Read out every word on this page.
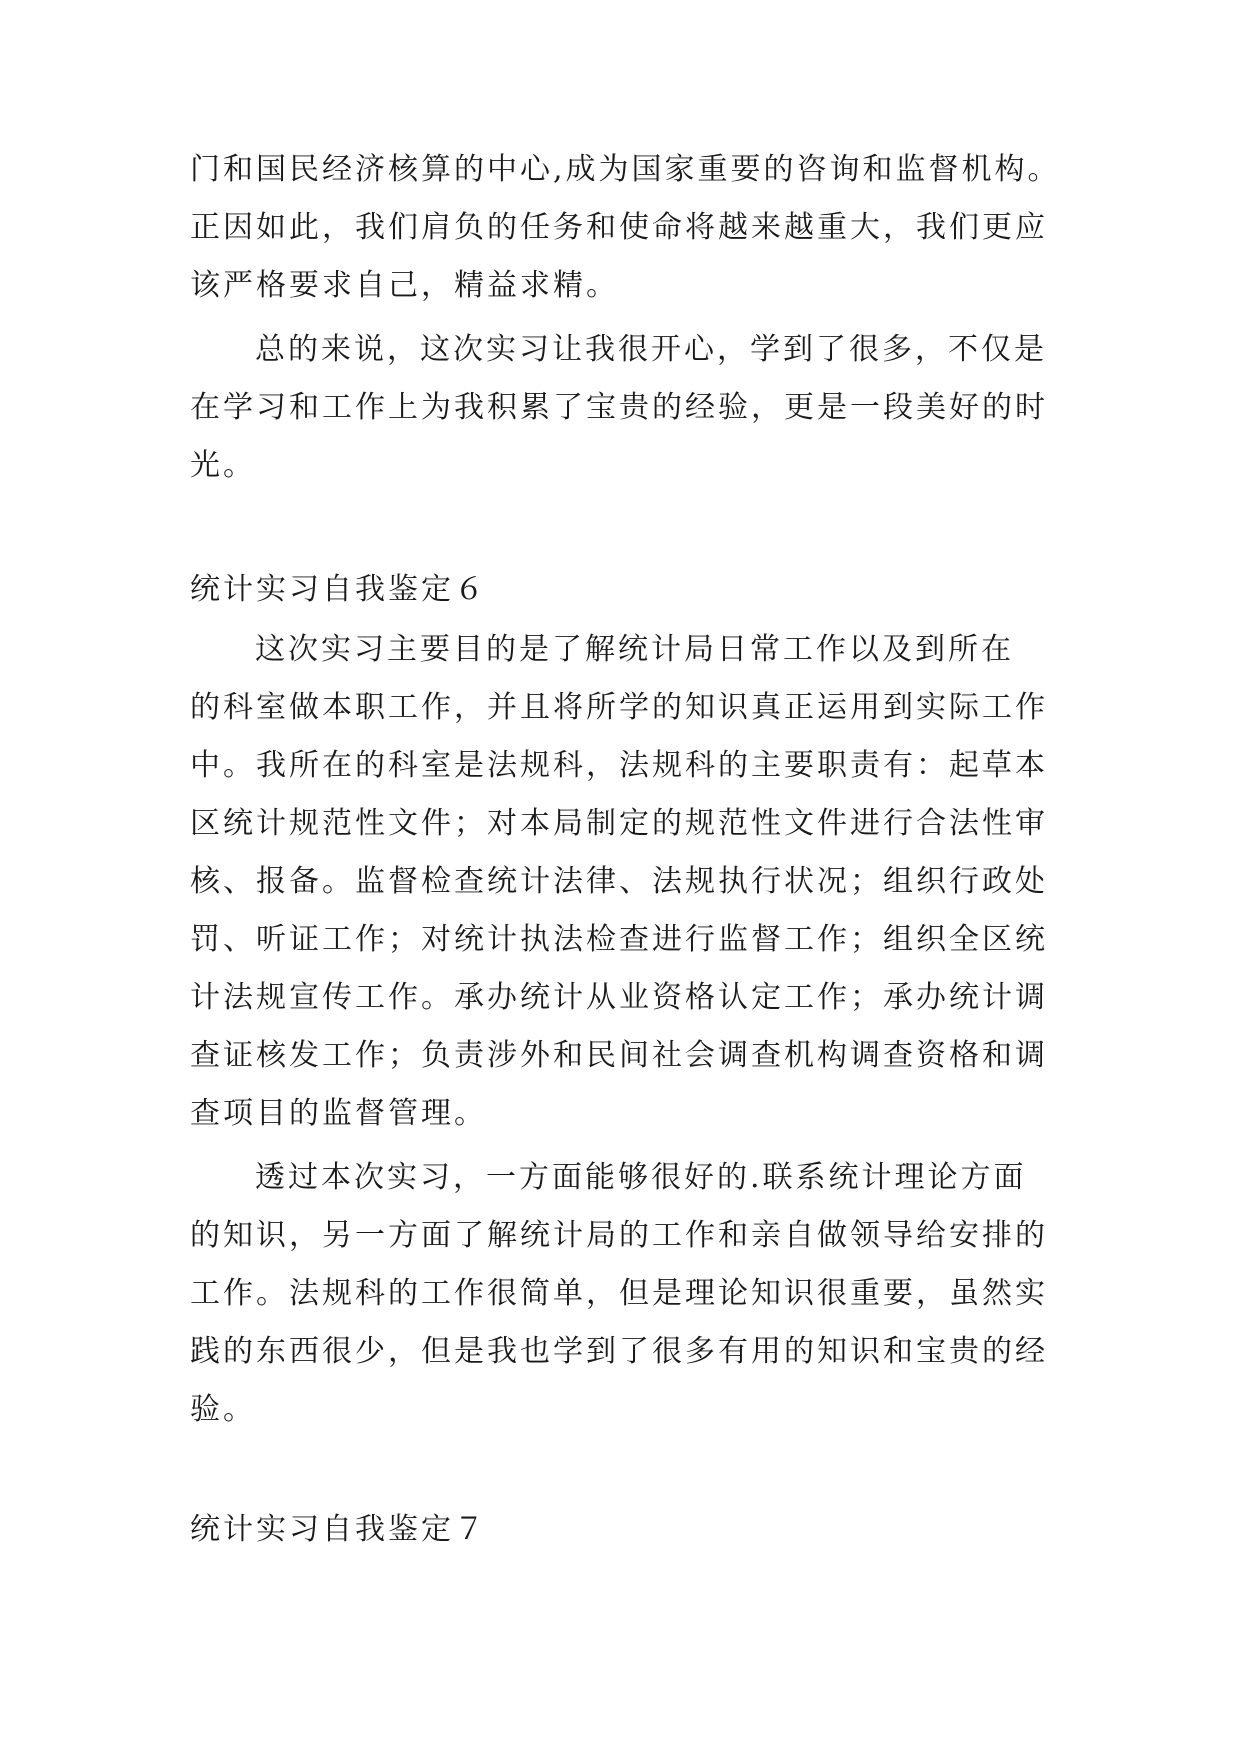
门和国民经济核算的中心,成为国家重要的咨询和监督机构。
正因如此，我们肩负的任务和使命将越来越重大，我们更应
该严格要求自己，精益求精。
总的来说，这次实习让我很开心，学到了很多，不仅是
在学习和工作上为我积累了宝贵的经验，更是一段美好的时
光。
统计实习自我鉴定６
这次实习主要目的是了解统计局日常工作以及到所在
的科室做本职工作，并且将所学的知识真正运用到实际工作
中。我所在的科室是法规科，法规科的主要职责有：起草本
区统计规范性文件；对本局制定的规范性文件进行合法性审
核、报备。监督检查统计法律、法规执行状况；组织行政处
罚、听证工作；对统计执法检查进行监督工作；组织全区统
计法规宣传工作。承办统计从业资格认定工作；承办统计调
查证核发工作；负责涉外和民间社会调查机构调查资格和调
查项目的监督管理。
透过本次实习，一方面能够很好的.联系统计理论方面
的知识，另一方面了解统计局的工作和亲自做领导给安排的
工作。法规科的工作很简单，但是理论知识很重要，虽然实
践的东西很少，但是我也学到了很多有用的知识和宝贵的经
验。
统计实习自我鉴定７
